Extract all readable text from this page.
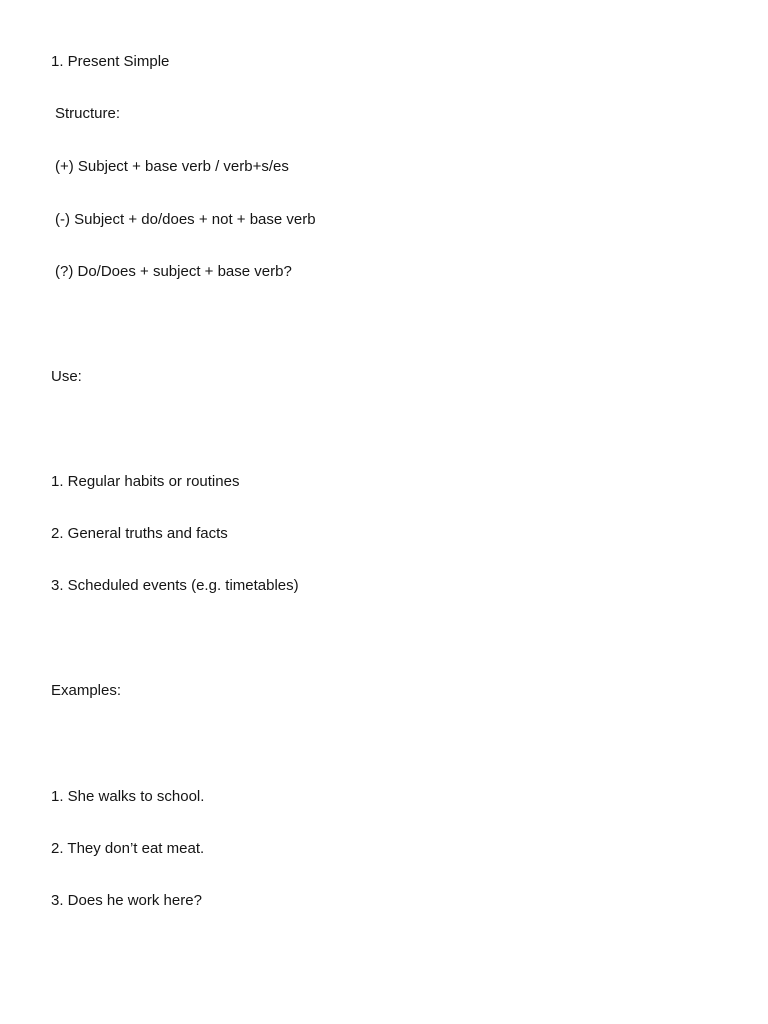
1. Present Simple
Structure:
(+) Subject + base verb / verb+s/es
(-) Subject + do/does + not + base verb
(?) Do/Does + subject + base verb?
Use:
1. Regular habits or routines
2. General truths and facts
3. Scheduled events (e.g. timetables)
Examples:
1. She walks to school.
2. They don’t eat meat.
3. Does he work here?
